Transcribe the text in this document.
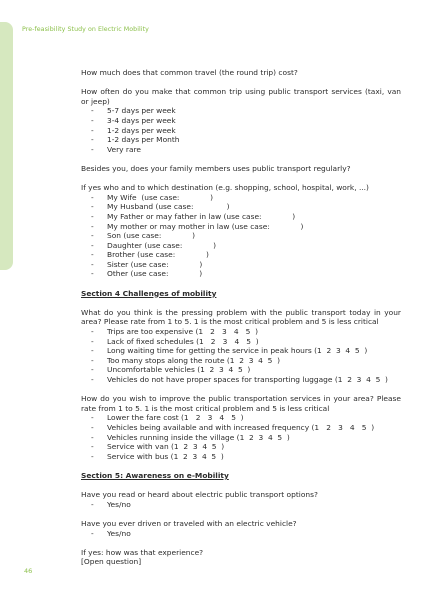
Pre-feasibility Study on Electric Mobility

How much does that common travel (the round trip) cost?

How often do you make that common trip using public transport services (taxi, van or jeep)

- 5-7 days per week
- 3-4 days per week
- 1-2 days per week
- 1-2 days per Month
- Very rare

Besides you, does your family members uses public transport regularly?

If yes who and to which destination (e.g. shopping, school, hospital, work, ...)

- My Wife  (use case:             )
- My Husband (use case:              )
- My Father or may father in law (use case:             )
- My mother or may mother in law (use case:             )
- Son (use case:             )
- Daughter (use case:             )
- Brother (use case:             )
- Sister (use case:             )
- Other (use case:             )

Section 4 Challenges of mobility

What do you think is the pressing problem with the public transport today in your area? Please rate from 1 to 5. 1 is the most critical problem and 5 is less critical

- Trips are too expensive (1   2   3   4   5  )
- Lack of fixed schedules (1   2   3   4   5  )
- Long waiting time for getting the service in peak hours (1  2  3  4  5  )
- Too many stops along the route (1  2  3  4  5  )
- Uncomfortable vehicles (1  2  3  4  5  )
- Vehicles do not have proper spaces for transporting luggage (1  2  3  4  5  )

How do you wish to improve the public transportation services in your area? Please rate from 1 to 5. 1 is the most critical problem and 5 is less critical

- Lower the fare cost (1   2   3   4   5  )
- Vehicles being available and with increased frequency (1   2   3   4   5  )
- Vehicles running inside the village (1  2  3  4  5  )
- Service with van (1  2  3  4  5  )
- Service with bus (1  2  3  4  5  )

Section 5: Awareness on e-Mobility

Have you read or heard about electric public transport options?

- Yes/no

Have you ever driven or traveled with an electric vehicle?

- Yes/no

If yes: how was that experience?

[Open question]

46
